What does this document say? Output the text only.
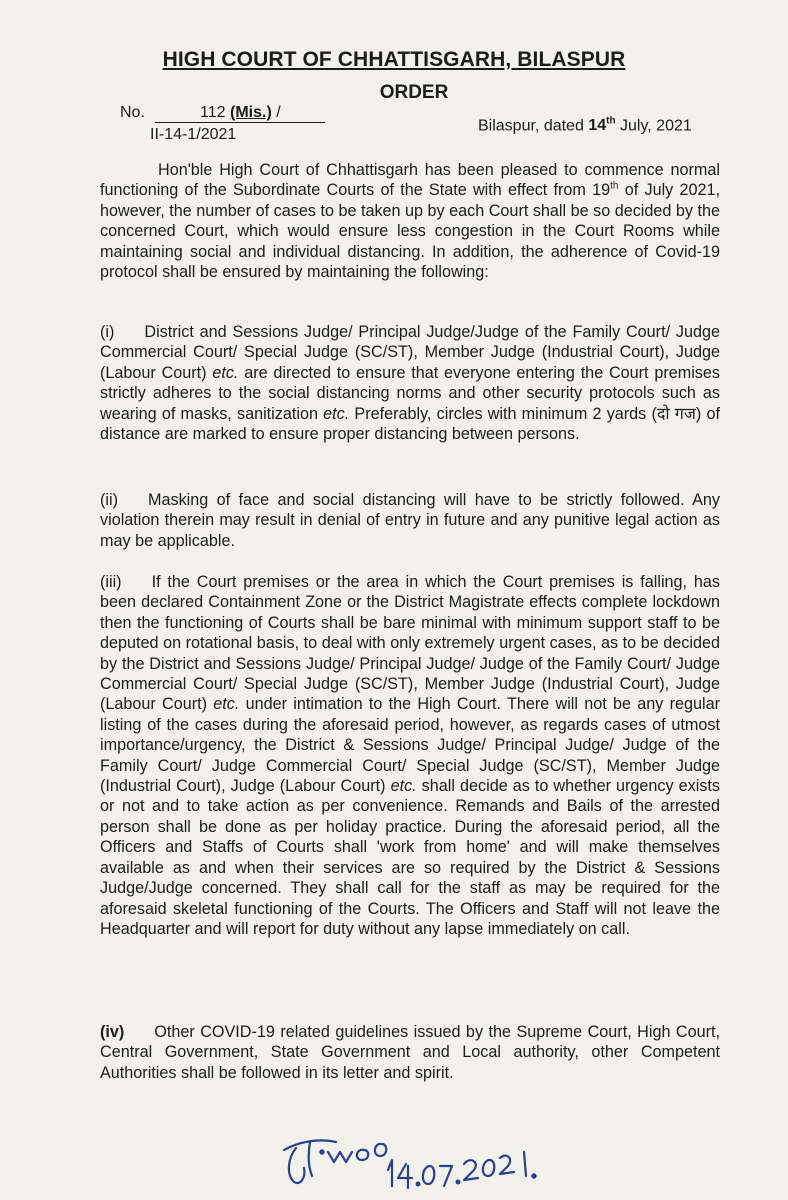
HIGH COURT OF CHHATTISGARH, BILASPUR
ORDER
No.	112 (Mis.) /
II-14-1/2021
Bilaspur, dated 14th July, 2021
Hon'ble High Court of Chhattisgarh has been pleased to commence normal functioning of the Subordinate Courts of the State with effect from 19th of July 2021, however, the number of cases to be taken up by each Court shall be so decided by the concerned Court, which would ensure less congestion in the Court Rooms while maintaining social and individual distancing. In addition, the adherence of Covid-19 protocol shall be ensured by maintaining the following:
(i) District and Sessions Judge/ Principal Judge/Judge of the Family Court/ Judge Commercial Court/ Special Judge (SC/ST), Member Judge (Industrial Court), Judge (Labour Court) etc. are directed to ensure that everyone entering the Court premises strictly adheres to the social distancing norms and other security protocols such as wearing of masks, sanitization etc. Preferably, circles with minimum 2 yards (दो गज) of distance are marked to ensure proper distancing between persons.
(ii) Masking of face and social distancing will have to be strictly followed. Any violation therein may result in denial of entry in future and any punitive legal action as may be applicable.
(iii) If the Court premises or the area in which the Court premises is falling, has been declared Containment Zone or the District Magistrate effects complete lockdown then the functioning of Courts shall be bare minimal with minimum support staff to be deputed on rotational basis, to deal with only extremely urgent cases, as to be decided by the District and Sessions Judge/ Principal Judge/ Judge of the Family Court/ Judge Commercial Court/ Special Judge (SC/ST), Member Judge (Industrial Court), Judge (Labour Court) etc. under intimation to the High Court. There will not be any regular listing of the cases during the aforesaid period, however, as regards cases of utmost importance/urgency, the District & Sessions Judge/ Principal Judge/ Judge of the Family Court/ Judge Commercial Court/ Special Judge (SC/ST), Member Judge (Industrial Court), Judge (Labour Court) etc. shall decide as to whether urgency exists or not and to take action as per convenience. Remands and Bails of the arrested person shall be done as per holiday practice. During the aforesaid period, all the Officers and Staffs of Courts shall 'work from home' and will make themselves available as and when their services are so required by the District & Sessions Judge/Judge concerned. They shall call for the staff as may be required for the aforesaid skeletal functioning of the Courts. The Officers and Staff will not leave the Headquarter and will report for duty without any lapse immediately on call.
(iv) Other COVID-19 related guidelines issued by the Supreme Court, High Court, Central Government, State Government and Local authority, other Competent Authorities shall be followed in its letter and spirit.
